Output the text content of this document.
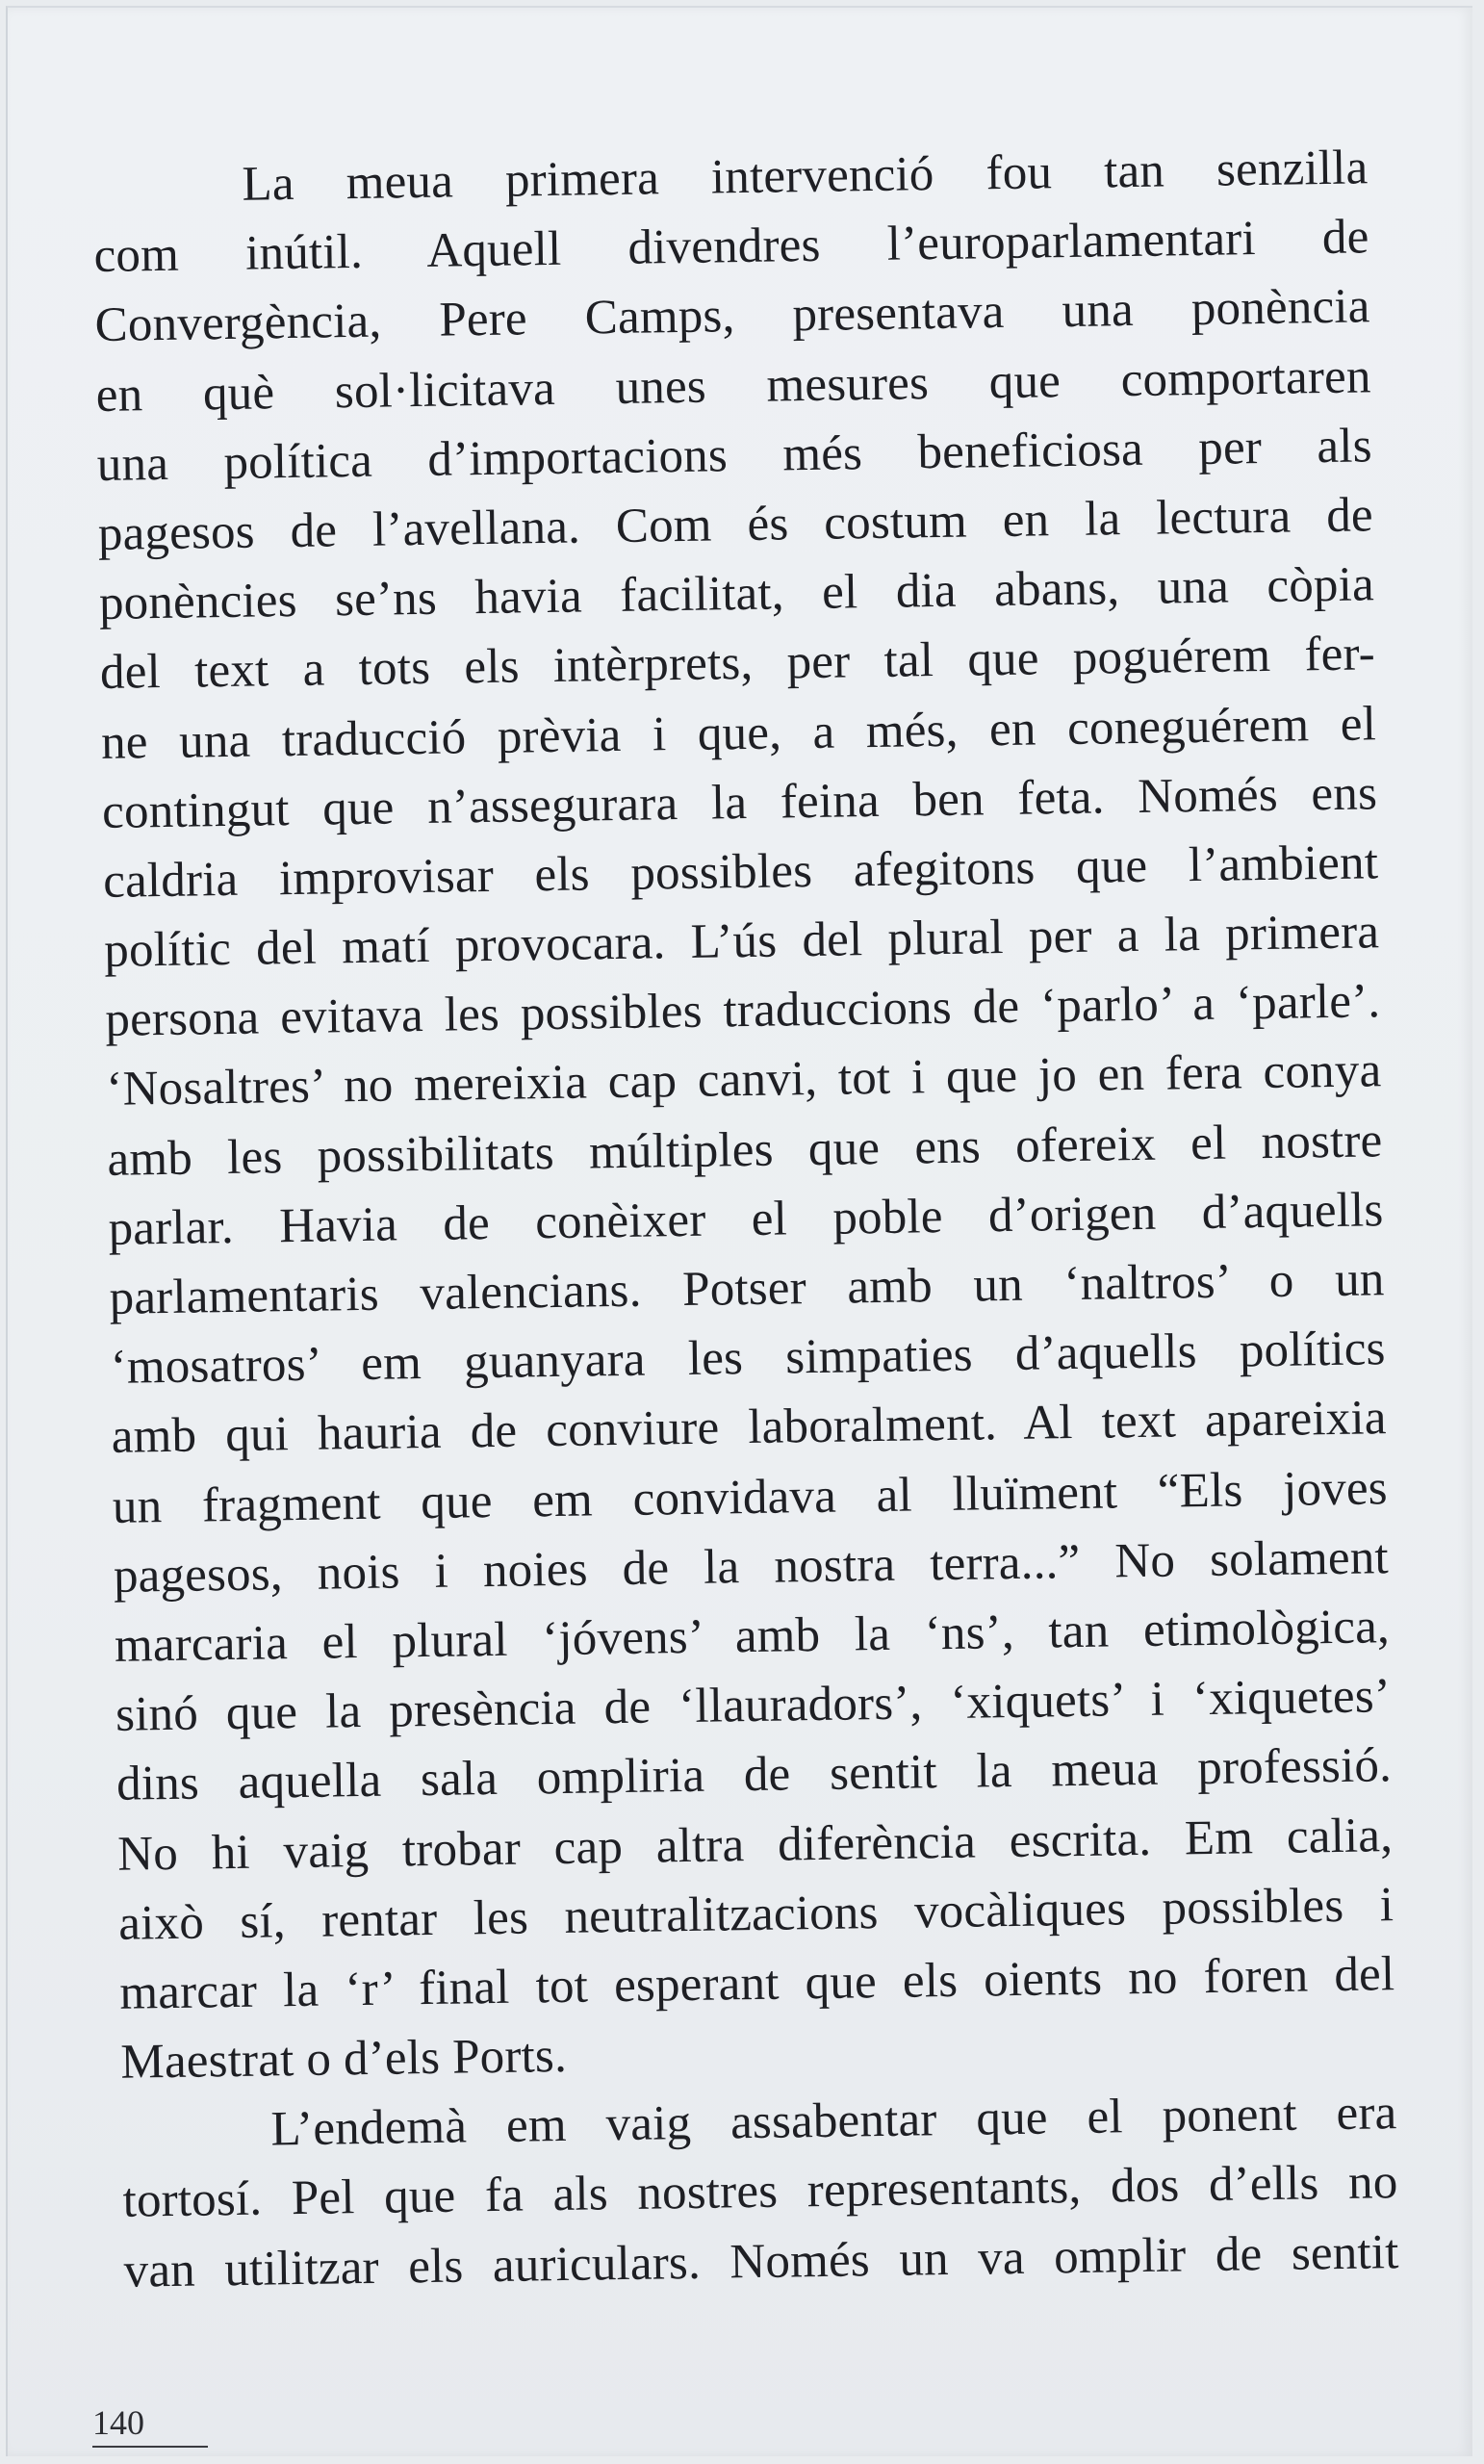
La meua primera intervenció fou tan senzilla
com inútil. Aquell divendres l’europarlamentari de
Convergència, Pere Camps, presentava una ponència
en què sol·licitava unes mesures que comportaren
una política d’importacions més beneficiosa per als
pagesos de l’avellana. Com és costum en la lectura de
ponències se’ns havia facilitat, el dia abans, una còpia
del text a tots els intèrprets, per tal que poguérem fer-
ne una traducció prèvia i que, a més, en coneguérem el
contingut que n’assegurara la feina ben feta. Només ens
caldria improvisar els possibles afegitons que l’ambient
polític del matí provocara. L’ús del plural per a la primera
persona evitava les possibles traduccions de ‘parlo’ a ‘parle’.
‘Nosaltres’ no mereixia cap canvi, tot i que jo en fera conya
amb les possibilitats múltiples que ens ofereix el nostre
parlar. Havia de conèixer el poble d’origen d’aquells
parlamentaris valencians. Potser amb un ‘naltros’ o un
‘mosatros’ em guanyara les simpaties d’aquells polítics
amb qui hauria de conviure laboralment. Al text apareixia
un fragment que em convidava al lluïment “Els joves
pagesos, nois i noies de la nostra terra...” No solament
marcaria el plural ‘jóvens’ amb la ‘ns’, tan etimològica,
sinó que la presència de ‘llauradors’, ‘xiquets’ i ‘xiquetes’
dins aquella sala ompliria de sentit la meua professió.
No hi vaig trobar cap altra diferència escrita. Em calia,
això sí, rentar les neutralitzacions vocàliques possibles i
marcar la ‘r’ final tot esperant que els oients no foren del
Maestrat o d’els Ports.
L’endemà em vaig assabentar que el ponent era
tortosí. Pel que fa als nostres representants, dos d’ells no
van utilitzar els auriculars. Només un va omplir de sentit
140
